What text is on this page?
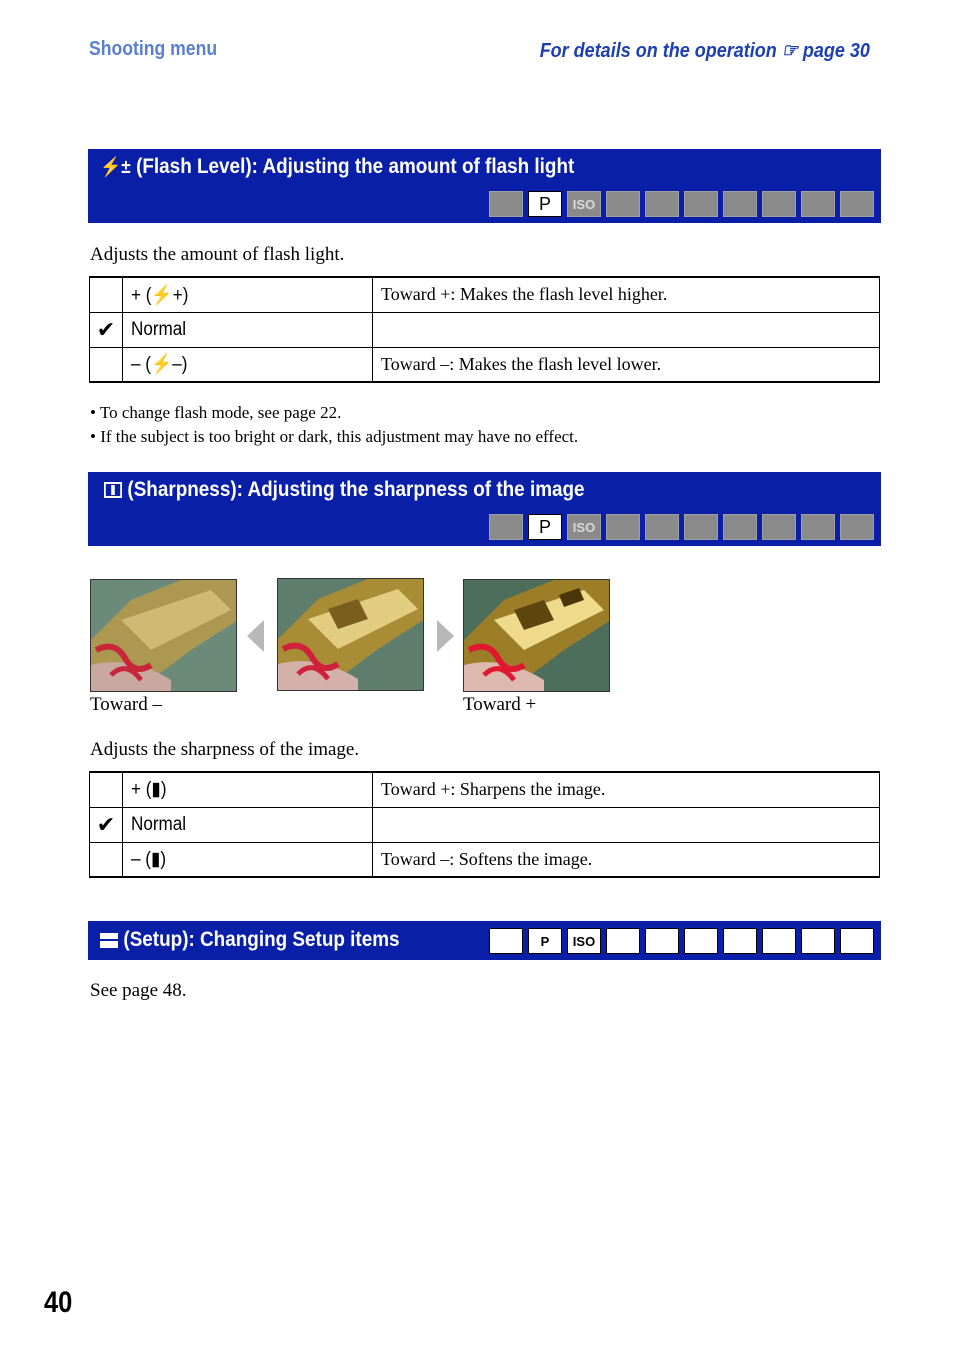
Shooting menu	For details on the operation ☞ page 30
⚡± (Flash Level): Adjusting the amount of flash light
P	ISO
Adjusts the amount of flash light.
	+ (⚡+)	Toward +: Makes the flash level higher.
✔	Normal	
	– (⚡–)	Toward –: Makes the flash level lower.
• To change flash mode, see page 22.
• If the subject is too bright or dark, this adjustment may have no effect.
(Sharpness): Adjusting the sharpness of the image
P	ISO
Toward –	Toward +
Adjusts the sharpness of the image.
	+ (▮)	Toward +: Sharpens the image.
✔	Normal	
	– (▮)	Toward –: Softens the image.
(Setup): Changing Setup items	P	ISO
See page 48.
40
